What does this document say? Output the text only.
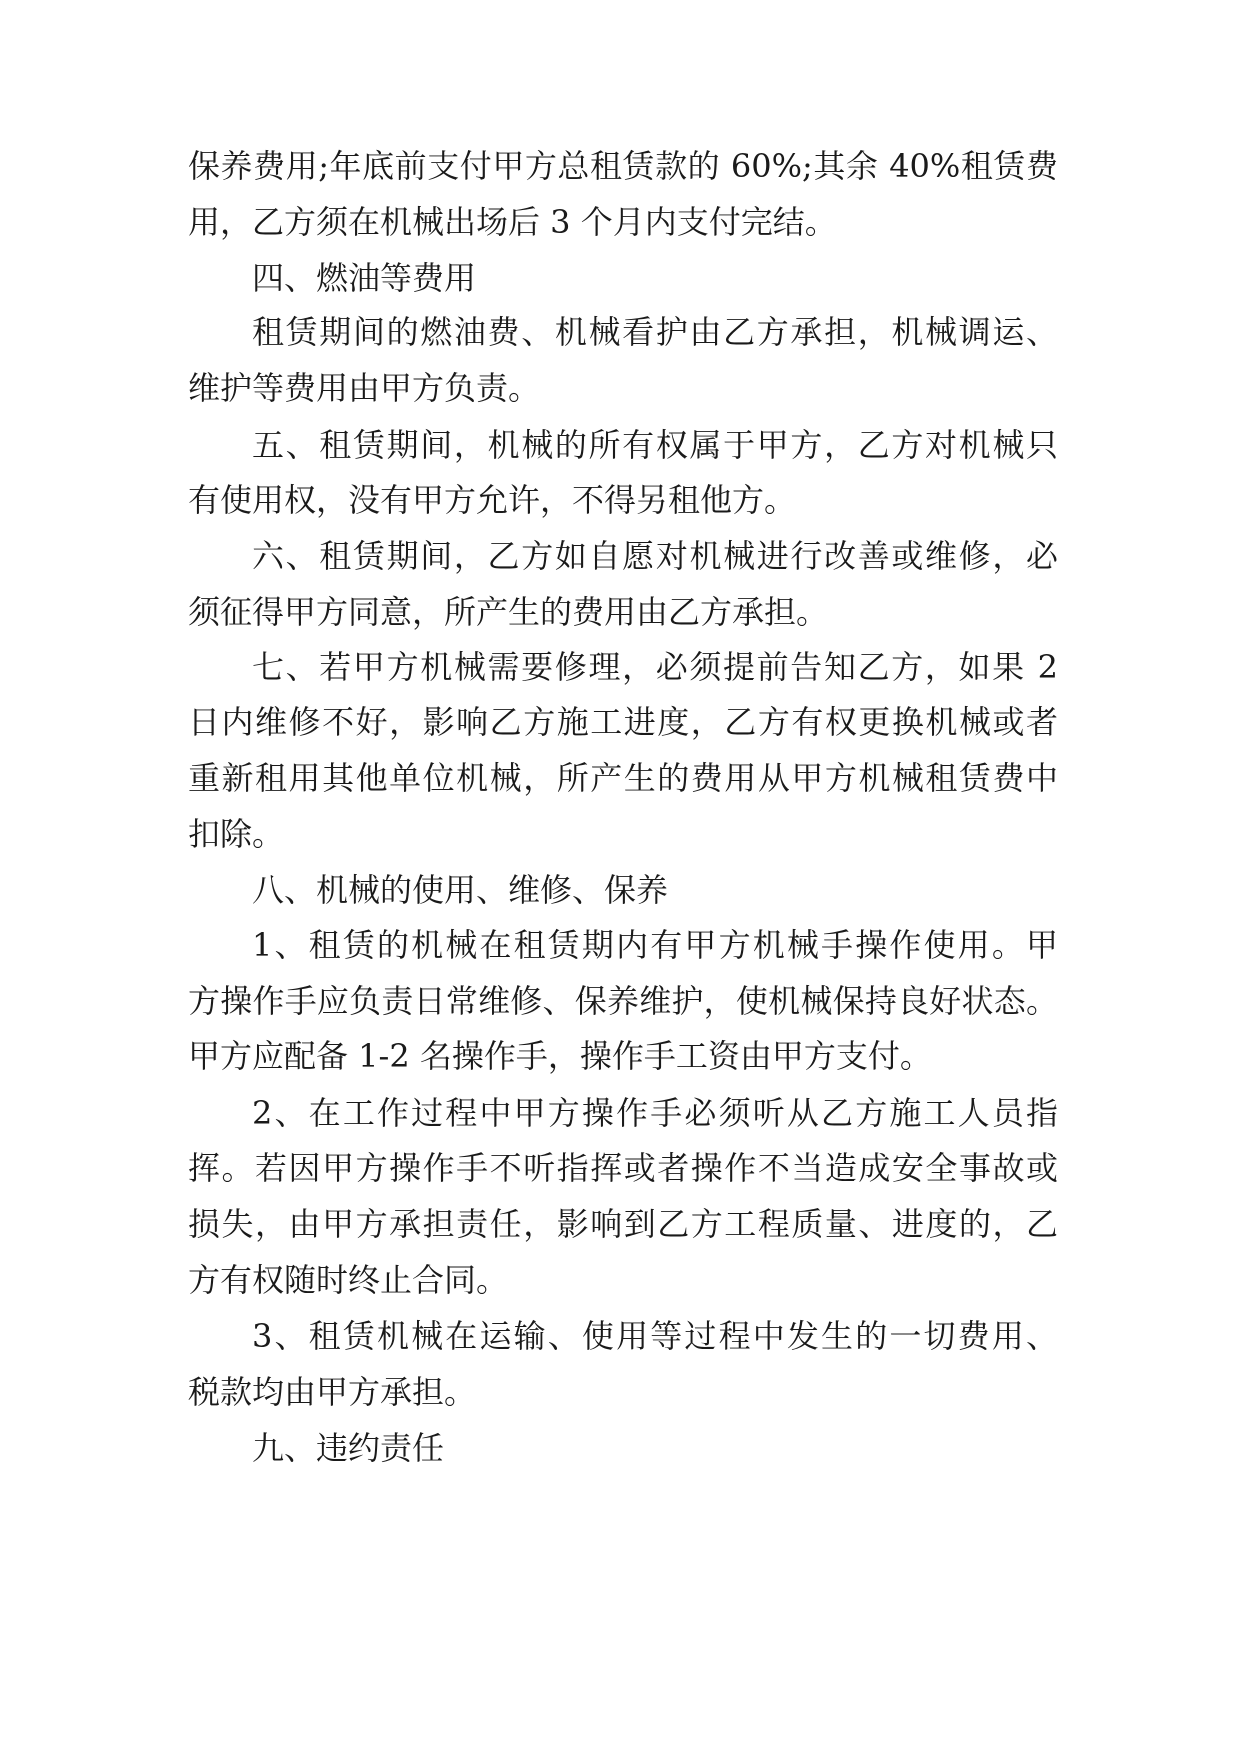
保养费用;年底前支付甲方总租赁款的 60%;其余 40%租赁费

用，乙方须在机械出场后 3 个月内支付完结。

四、燃油等费用

租赁期间的燃油费、机械看护由乙方承担，机械调运、

维护等费用由甲方负责。

五、租赁期间，机械的所有权属于甲方，乙方对机械只

有使用权，没有甲方允许，不得另租他方。

六、租赁期间，乙方如自愿对机械进行改善或维修，必

须征得甲方同意，所产生的费用由乙方承担。

七、若甲方机械需要修理，必须提前告知乙方，如果 2

日内维修不好，影响乙方施工进度，乙方有权更换机械或者

重新租用其他单位机械，所产生的费用从甲方机械租赁费中

扣除。

八、机械的使用、维修、保养

1、租赁的机械在租赁期内有甲方机械手操作使用。甲

方操作手应负责日常维修、保养维护，使机械保持良好状态。

甲方应配备 1-2 名操作手，操作手工资由甲方支付。

2、在工作过程中甲方操作手必须听从乙方施工人员指

挥。若因甲方操作手不听指挥或者操作不当造成安全事故或

损失，由甲方承担责任，影响到乙方工程质量、进度的，乙

方有权随时终止合同。

3、租赁机械在运输、使用等过程中发生的一切费用、

税款均由甲方承担。

九、违约责任
